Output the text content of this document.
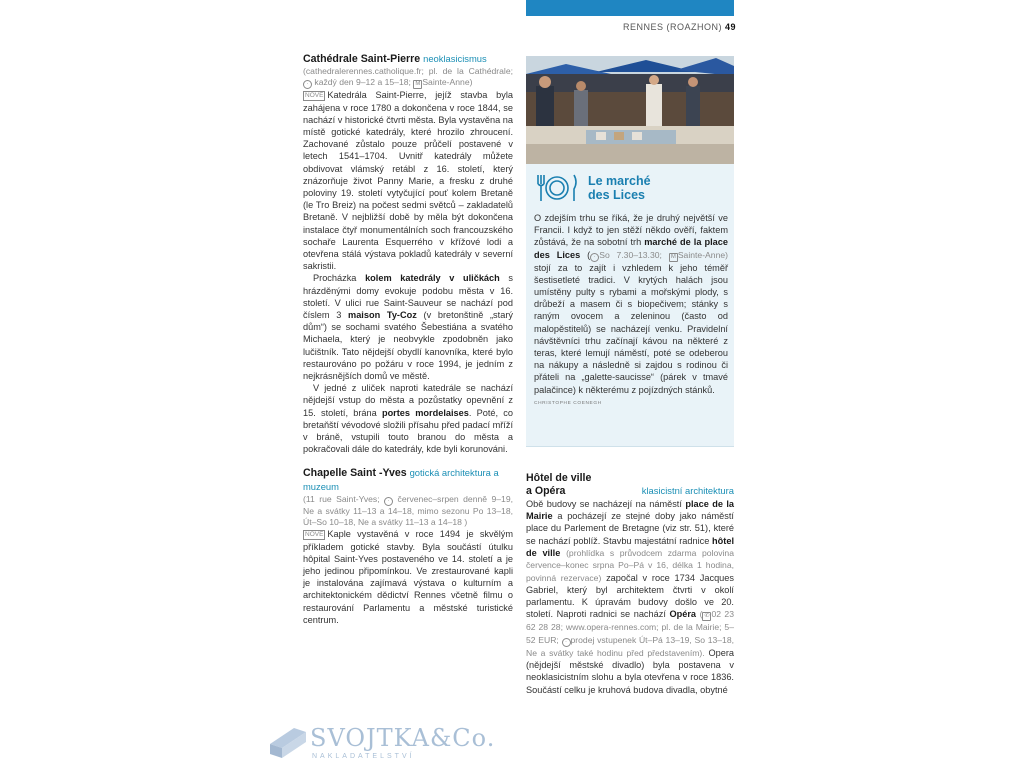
RENNES (ROAZHON) 49
Cathédrale Saint-Pierre neoklasicismus

(cathedralerennes.catholique.fr; pl. de la Cathédrale; · každý den 9–12 a 15–18; M Sainte-Anne)

NOVÉ Katedrála Saint-Pierre, jejíž stavba byla zahájena v roce 1780 a dokončena v roce 1844, se nachází v historické čtvrti města. Byla vystavěna na místě gotické katedrály, které hrozilo zhroucení. Zachované zůstalo pouze průčelí postavené v letech 1541–1704. Uvnitř katedrály můžete obdivovat vlámský retábl z 16. století, který znázorňuje život Panny Marie, a fresku z druhé poloviny 19. století vytyčující pouť kolem Bretaně (le Tro Breiz) na počest sedmi světců – zakladatelů Bretaně. V nejbližší době by měla být dokončena instalace čtyř monumentálních soch francouzského sochaře Laurenta Esquerrého v křížové lodi a otevřena stálá výstava pokladů katedrály v severní sakristii.

Procházka kolem katedrály v uličkách s hrázděnými domy evokuje podobu města v 16. století. V ulici rue Saint-Sauveur se nachází pod číslem 3 maison Ty-Coz (v bretonštině „starý dům“) se sochami svatého Šebestiána a svatého Michaela, který je neobvykle zpodobněn jako lučištník. Tato nějdejší obydlí kanovníka, které bylo restaurováno po požáru v roce 1994, je jedním z nejkrásnějších domů ve městě.

V jedné z uliček naproti katedrále se nachází nějdejší vstup do města a pozůstatky opevnění z 15. století, brána portes mordelaises. Poté, co bretaňští vévodové složili přísahu před padací mříží v bráně, vstupili touto branou do města a pokračovali dále do katedrály, kde byli korunováni.

Chapelle Saint -Yves gotická architektura a muzeum

(11 rue Saint-Yves; · červenec–srpen denně 9–19, Ne a svátky 11–13 a 14–18, mimo sezonu Po 13–18, Út–So 10–18, Ne a svátky 11–13 a 14–18 )

NOVÉ Kaple vystavěná v roce 1494 je skvělým příkladem gotické stavby. Byla součástí útulku hôpital Saint-Yves postaveného ve 14. století a je jeho jedinou připomínkou. Ve zrestaurované kapli je instalována zajímavá výstava o kulturním a architektonickém dědictví Rennes včetně filmu o restaurování Parlamentu a městské turistické centrum.

Le marché
des Lices

O zdejším trhu se říká, že je druhý největší ve Francii. I když to jen stěží někdo ověří, faktem zůstává, že na sobotní trh marché de la place des Lices ( · So 7.30–13.30; M Sainte-Anne) stojí za to zajít i vzhledem k jeho téměř šestisetleté tradici. V krytých halách jsou umístěny pulty s rybami a mořskými plody, s drůbeží a masem či s biopečivem; stánky s raným ovocem a zeleninou (často od malopěstitelů) se nacházejí venku. Pravidelní návštěvníci trhu začínají kávou na některé z teras, které lemují náměstí, poté se odeberou na nákupy a následně si zajdou s rodinou či přáteli na „galette-saucisse“ (párek v tmavé palačince) k některému z pojízdných stánků.

CHRISTOPHE COENEGH
Hôtel de ville
a Opéra	klasicistní architektura

Obě budovy se nacházejí na náměstí place de la Mairie a pocházejí ze stejné doby jako náměstí place du Parlement de Bretagne (viz str. 51), které se nachází poblíž. Stavbu majestátní radnice hôtel de ville (prohlídka s průvodcem zdarma polovina července–konec srpna Po–Pá v 16, délka 1 hodina, povinná rezervace) započal v roce 1734 Jacques Gabriel, který byl architektem čtvrti v okolí parlamentu. K úpravám budovy došlo ve 20. století. Naproti radnici se nachází Opéra ( ✆ 02 23 62 28 28; www.opera-rennes.com; pl. de la Mairie; 5–52 EUR; · prodej vstupenek Út–Pá 13–19, So 13–18, Ne a svátky také hodinu před představením). Opera (nějdejší městské divadlo) byla postavena v neoklasicistním slohu a byla otevřena v roce 1836. Součástí celku je kruhová budova divadla, obytné

SVOJTKA&Co.
NAKLADATELSTVÍ
